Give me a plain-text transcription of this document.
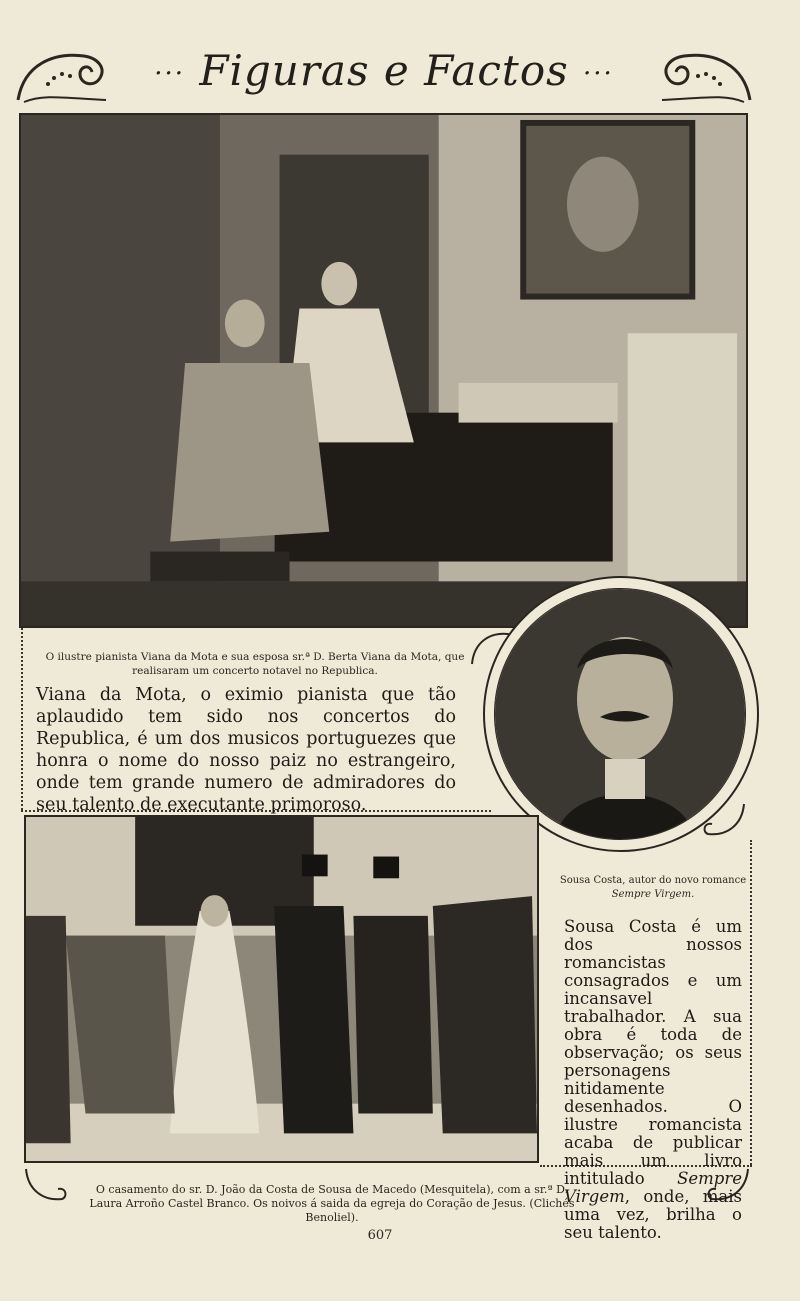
··· Figuras e Factos ···
O ilustre pianista Viana da Mota e sua esposa sr.ª D. Berta Viana da Mota, que realisaram um concerto notavel no Republica.
Viana da Mota, o eximio pianista que tão aplaudido tem sido nos concertos do Republica, é um dos musicos portuguezes que honra o nome do nosso paiz no estrangeiro, onde tem grande numero de admiradores do seu talento de executante primoroso.
Sousa Costa, autor do novo romance Sempre Virgem.
Sousa Costa é um dos nossos romancistas consagrados e um incansavel trabalhador. A sua obra é toda de observação; os seus personagens nitidamente desenhados. O ilustre romancista acaba de publicar mais um livro intitulado Sempre Virgem, onde, mais uma vez, brilha o seu talento.
O casamento do sr. D. João da Costa de Sousa de Macedo (Mesquitela), com a sr.ª D. Laura Arroño Castel Branco. Os noivos á saida da egreja do Coração de Jesus. (Clichés Benoliel).
607
